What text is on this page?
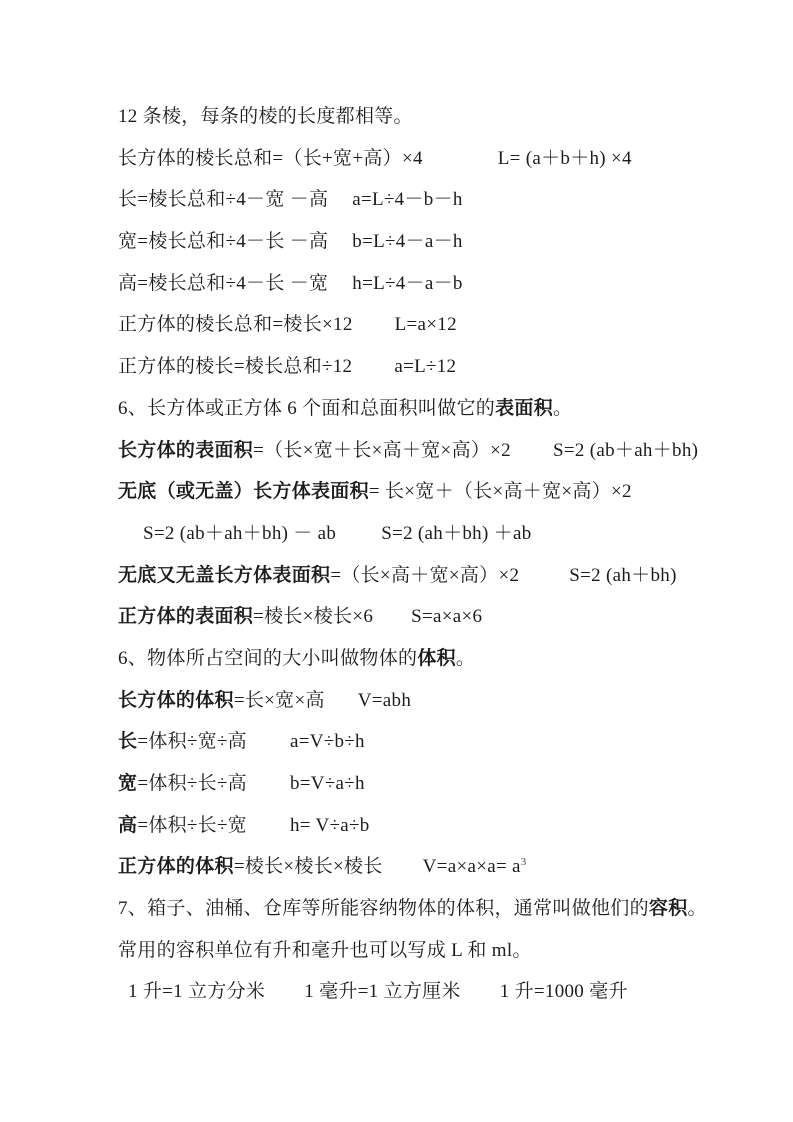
12 条棱，每条的棱的长度都相等。

长方体的棱长总和=（长+宽+高）×4	L= (a＋b＋h) ×4

长=棱长总和÷4－宽 －高 a=L÷4－b－h

宽=棱长总和÷4－长 －高 b=L÷4－a－h

高=棱长总和÷4－长 －宽 h=L÷4－a－b

正方体的棱长总和=棱长×12 L=a×12

正方体的棱长=棱长总和÷12 a=L÷12

6、长方体或正方体 6 个面和总面积叫做它的表面积。

长方体的表面积=（长×宽＋长×高＋宽×高）×2 S=2 (ab＋ah＋bh)

无底（或无盖）长方体表面积= 长×宽＋（长×高＋宽×高）×2

S=2 (ab＋ah＋bh) － ab S=2 (ah＋bh) ＋ab

无底又无盖长方体表面积=（长×高＋宽×高）×2	S=2 (ah＋bh)

正方体的表面积=棱长×棱长×6 S=a×a×6

6、物体所占空间的大小叫做物体的体积。

长方体的体积=长×宽×高 V=abh

长=体积÷宽÷高 a=V÷b÷h

宽=体积÷长÷高 b=V÷a÷h

高=体积÷长÷宽 h= V÷a÷b

正方体的体积=棱长×棱长×棱长 $V=a\times a\times a= a^3$

7、箱子、油桶、仓库等所能容纳物体的体积，通常叫做他们的容积。

常用的容积单位有升和毫升也可以写成 L 和 ml。

1 升=1 立方分米 1 毫升=1 立方厘米 1 升=1000 毫升
